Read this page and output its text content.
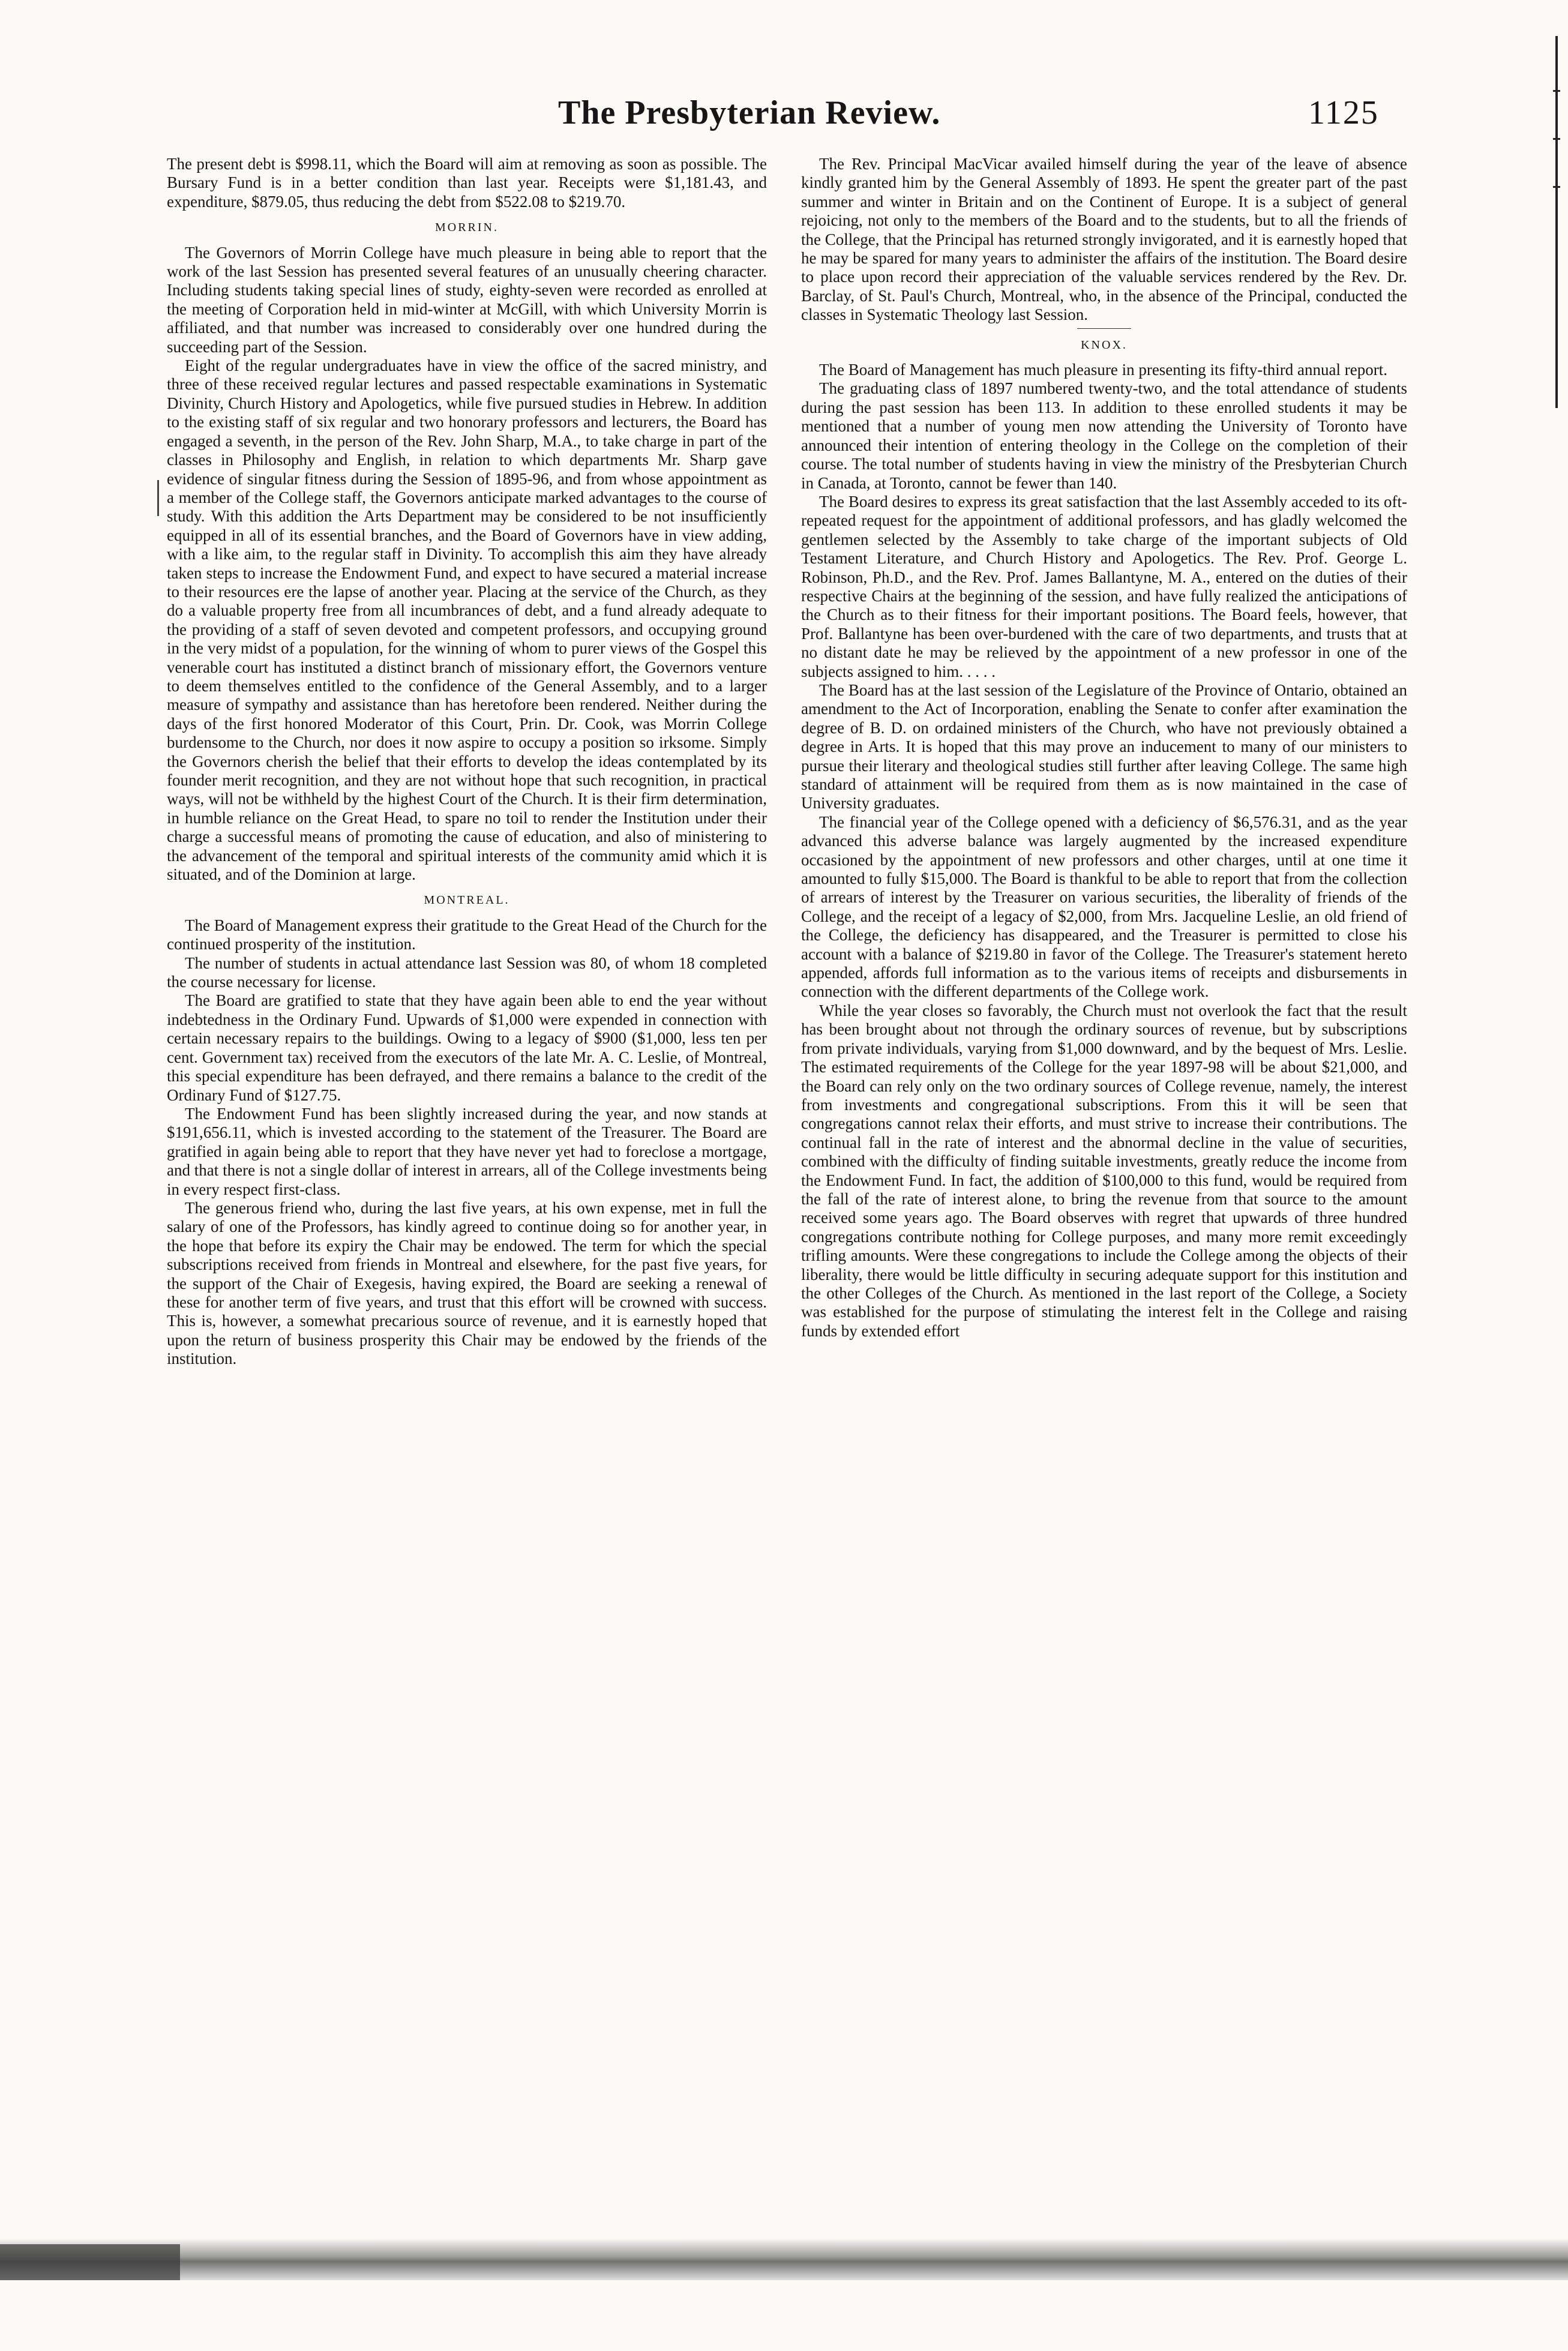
The Presbyterian Review.	1125

The present debt is $998.11, which the Board will aim at removing as soon as possible. The Bursary Fund is in a better condition than last year. Receipts were $1,181.43, and expenditure, $879.05, thus reducing the debt from $522.08 to $219.70.

MORRIN.

The Governors of Morrin College have much pleasure in being able to report that the work of the last Session has presented several features of an unusually cheering character. Including students taking special lines of study, eighty-seven were recorded as enrolled at the meeting of Corporation held in mid-winter at McGill, with which University Morrin is affiliated, and that number was increased to considerably over one hundred during the succeeding part of the Session.

Eight of the regular undergraduates have in view the office of the sacred ministry, and three of these received regular lectures and passed respectable examinations in Systematic Divinity, Church History and Apologetics, while five pursued studies in Hebrew. In addition to the existing staff of six regular and two honorary professors and lecturers, the Board has engaged a seventh, in the person of the Rev. John Sharp, M.A., to take charge in part of the classes in Philosophy and English, in relation to which departments Mr. Sharp gave evidence of singular fitness during the Session of 1895-96, and from whose appointment as a member of the College staff, the Governors anticipate marked advantages to the course of study. With this addition the Arts Department may be considered to be not insufficiently equipped in all of its essential branches, and the Board of Governors have in view adding, with a like aim, to the regular staff in Divinity. To accomplish this aim they have already taken steps to increase the Endowment Fund, and expect to have secured a material increase to their resources ere the lapse of another year. Placing at the service of the Church, as they do a valuable property free from all incumbrances of debt, and a fund already adequate to the providing of a staff of seven devoted and competent professors, and occupying ground in the very midst of a population, for the winning of whom to purer views of the Gospel this venerable court has instituted a distinct branch of missionary effort, the Governors venture to deem themselves entitled to the confidence of the General Assembly, and to a larger measure of sympathy and assistance than has heretofore been rendered. Neither during the days of the first honored Moderator of this Court, Prin. Dr. Cook, was Morrin College burdensome to the Church, nor does it now aspire to occupy a position so irksome. Simply the Governors cherish the belief that their efforts to develop the ideas contemplated by its founder merit recognition, and they are not without hope that such recognition, in practical ways, will not be withheld by the highest Court of the Church. It is their firm determination, in humble reliance on the Great Head, to spare no toil to render the Institution under their charge a successful means of promoting the cause of education, and also of ministering to the advancement of the temporal and spiritual interests of the community amid which it is situated, and of the Dominion at large.

MONTREAL.

The Board of Management express their gratitude to the Great Head of the Church for the continued prosperity of the institution.

The number of students in actual attendance last Session was 80, of whom 18 completed the course necessary for license.

The Board are gratified to state that they have again been able to end the year without indebtedness in the Ordinary Fund. Upwards of $1,000 were expended in connection with certain necessary repairs to the buildings. Owing to a legacy of $900 ($1,000, less ten per cent. Government tax) received from the executors of the late Mr. A. C. Leslie, of Montreal, this special expenditure has been defrayed, and there remains a balance to the credit of the Ordinary Fund of $127.75.

The Endowment Fund has been slightly increased during the year, and now stands at $191,656.11, which is invested according to the statement of the Treasurer. The Board are gratified in again being able to report that they have never yet had to foreclose a mortgage, and that there is not a single dollar of interest in arrears, all of the College investments being in every respect first-class.

The generous friend who, during the last five years, at his own expense, met in full the salary of one of the Professors, has kindly agreed to continue doing so for another year, in the hope that before its expiry the Chair may be endowed. The term for which the special subscriptions received from friends in Montreal and elsewhere, for the past five years, for the support of the Chair of Exegesis, having expired, the Board are seeking a renewal of these for another term of five years, and trust that this effort will be crowned with success. This is, however, a somewhat precarious source of revenue, and it is earnestly hoped that upon the return of business prosperity this Chair may be endowed by the friends of the institution.

The Rev. Principal MacVicar availed himself during the year of the leave of absence kindly granted him by the General Assembly of 1893. He spent the greater part of the past summer and winter in Britain and on the Continent of Europe. It is a subject of general rejoicing, not only to the members of the Board and to the students, but to all the friends of the College, that the Principal has returned strongly invigorated, and it is earnestly hoped that he may be spared for many years to administer the affairs of the institution. The Board desire to place upon record their appreciation of the valuable services rendered by the Rev. Dr. Barclay, of St. Paul's Church, Montreal, who, in the absence of the Principal, conducted the classes in Systematic Theology last Session.

KNOX.

The Board of Management has much pleasure in presenting its fifty-third annual report.

The graduating class of 1897 numbered twenty-two, and the total attendance of students during the past session has been 113. In addition to these enrolled students it may be mentioned that a number of young men now attending the University of Toronto have announced their intention of entering theology in the College on the completion of their course. The total number of students having in view the ministry of the Presbyterian Church in Canada, at Toronto, cannot be fewer than 140.

The Board desires to express its great satisfaction that the last Assembly acceded to its oft-repeated request for the appointment of additional professors, and has gladly welcomed the gentlemen selected by the Assembly to take charge of the important subjects of Old Testament Literature, and Church History and Apologetics. The Rev. Prof. George L. Robinson, Ph.D., and the Rev. Prof. James Ballantyne, M. A., entered on the duties of their respective Chairs at the beginning of the session, and have fully realized the anticipations of the Church as to their fitness for their important positions. The Board feels, however, that Prof. Ballantyne has been over-burdened with the care of two departments, and trusts that at no distant date he may be relieved by the appointment of a new professor in one of the subjects assigned to him. . . . .

The Board has at the last session of the Legislature of the Province of Ontario, obtained an amendment to the Act of Incorporation, enabling the Senate to confer after examination the degree of B. D. on ordained ministers of the Church, who have not previously obtained a degree in Arts. It is hoped that this may prove an inducement to many of our ministers to pursue their literary and theological studies still further after leaving College. The same high standard of attainment will be required from them as is now maintained in the case of University graduates.

The financial year of the College opened with a deficiency of $6,576.31, and as the year advanced this adverse balance was largely augmented by the increased expenditure occasioned by the appointment of new professors and other charges, until at one time it amounted to fully $15,000. The Board is thankful to be able to report that from the collection of arrears of interest by the Treasurer on various securities, the liberality of friends of the College, and the receipt of a legacy of $2,000, from Mrs. Jacqueline Leslie, an old friend of the College, the deficiency has disappeared, and the Treasurer is permitted to close his account with a balance of $219.80 in favor of the College. The Treasurer's statement hereto appended, affords full information as to the various items of receipts and disbursements in connection with the different departments of the College work.

While the year closes so favorably, the Church must not overlook the fact that the result has been brought about not through the ordinary sources of revenue, but by subscriptions from private individuals, varying from $1,000 downward, and by the bequest of Mrs. Leslie. The estimated requirements of the College for the year 1897-98 will be about $21,000, and the Board can rely only on the two ordinary sources of College revenue, namely, the interest from investments and congregational subscriptions. From this it will be seen that congregations cannot relax their efforts, and must strive to increase their contributions. The continual fall in the rate of interest and the abnormal decline in the value of securities, combined with the difficulty of finding suitable investments, greatly reduce the income from the Endowment Fund. In fact, the addition of $100,000 to this fund, would be required from the fall of the rate of interest alone, to bring the revenue from that source to the amount received some years ago. The Board observes with regret that upwards of three hundred congregations contribute nothing for College purposes, and many more remit exceedingly trifling amounts. Were these congregations to include the College among the objects of their liberality, there would be little difficulty in securing adequate support for this institution and the other Colleges of the Church. As mentioned in the last report of the College, a Society was established for the purpose of stimulating the interest felt in the College and raising funds by extended effort
